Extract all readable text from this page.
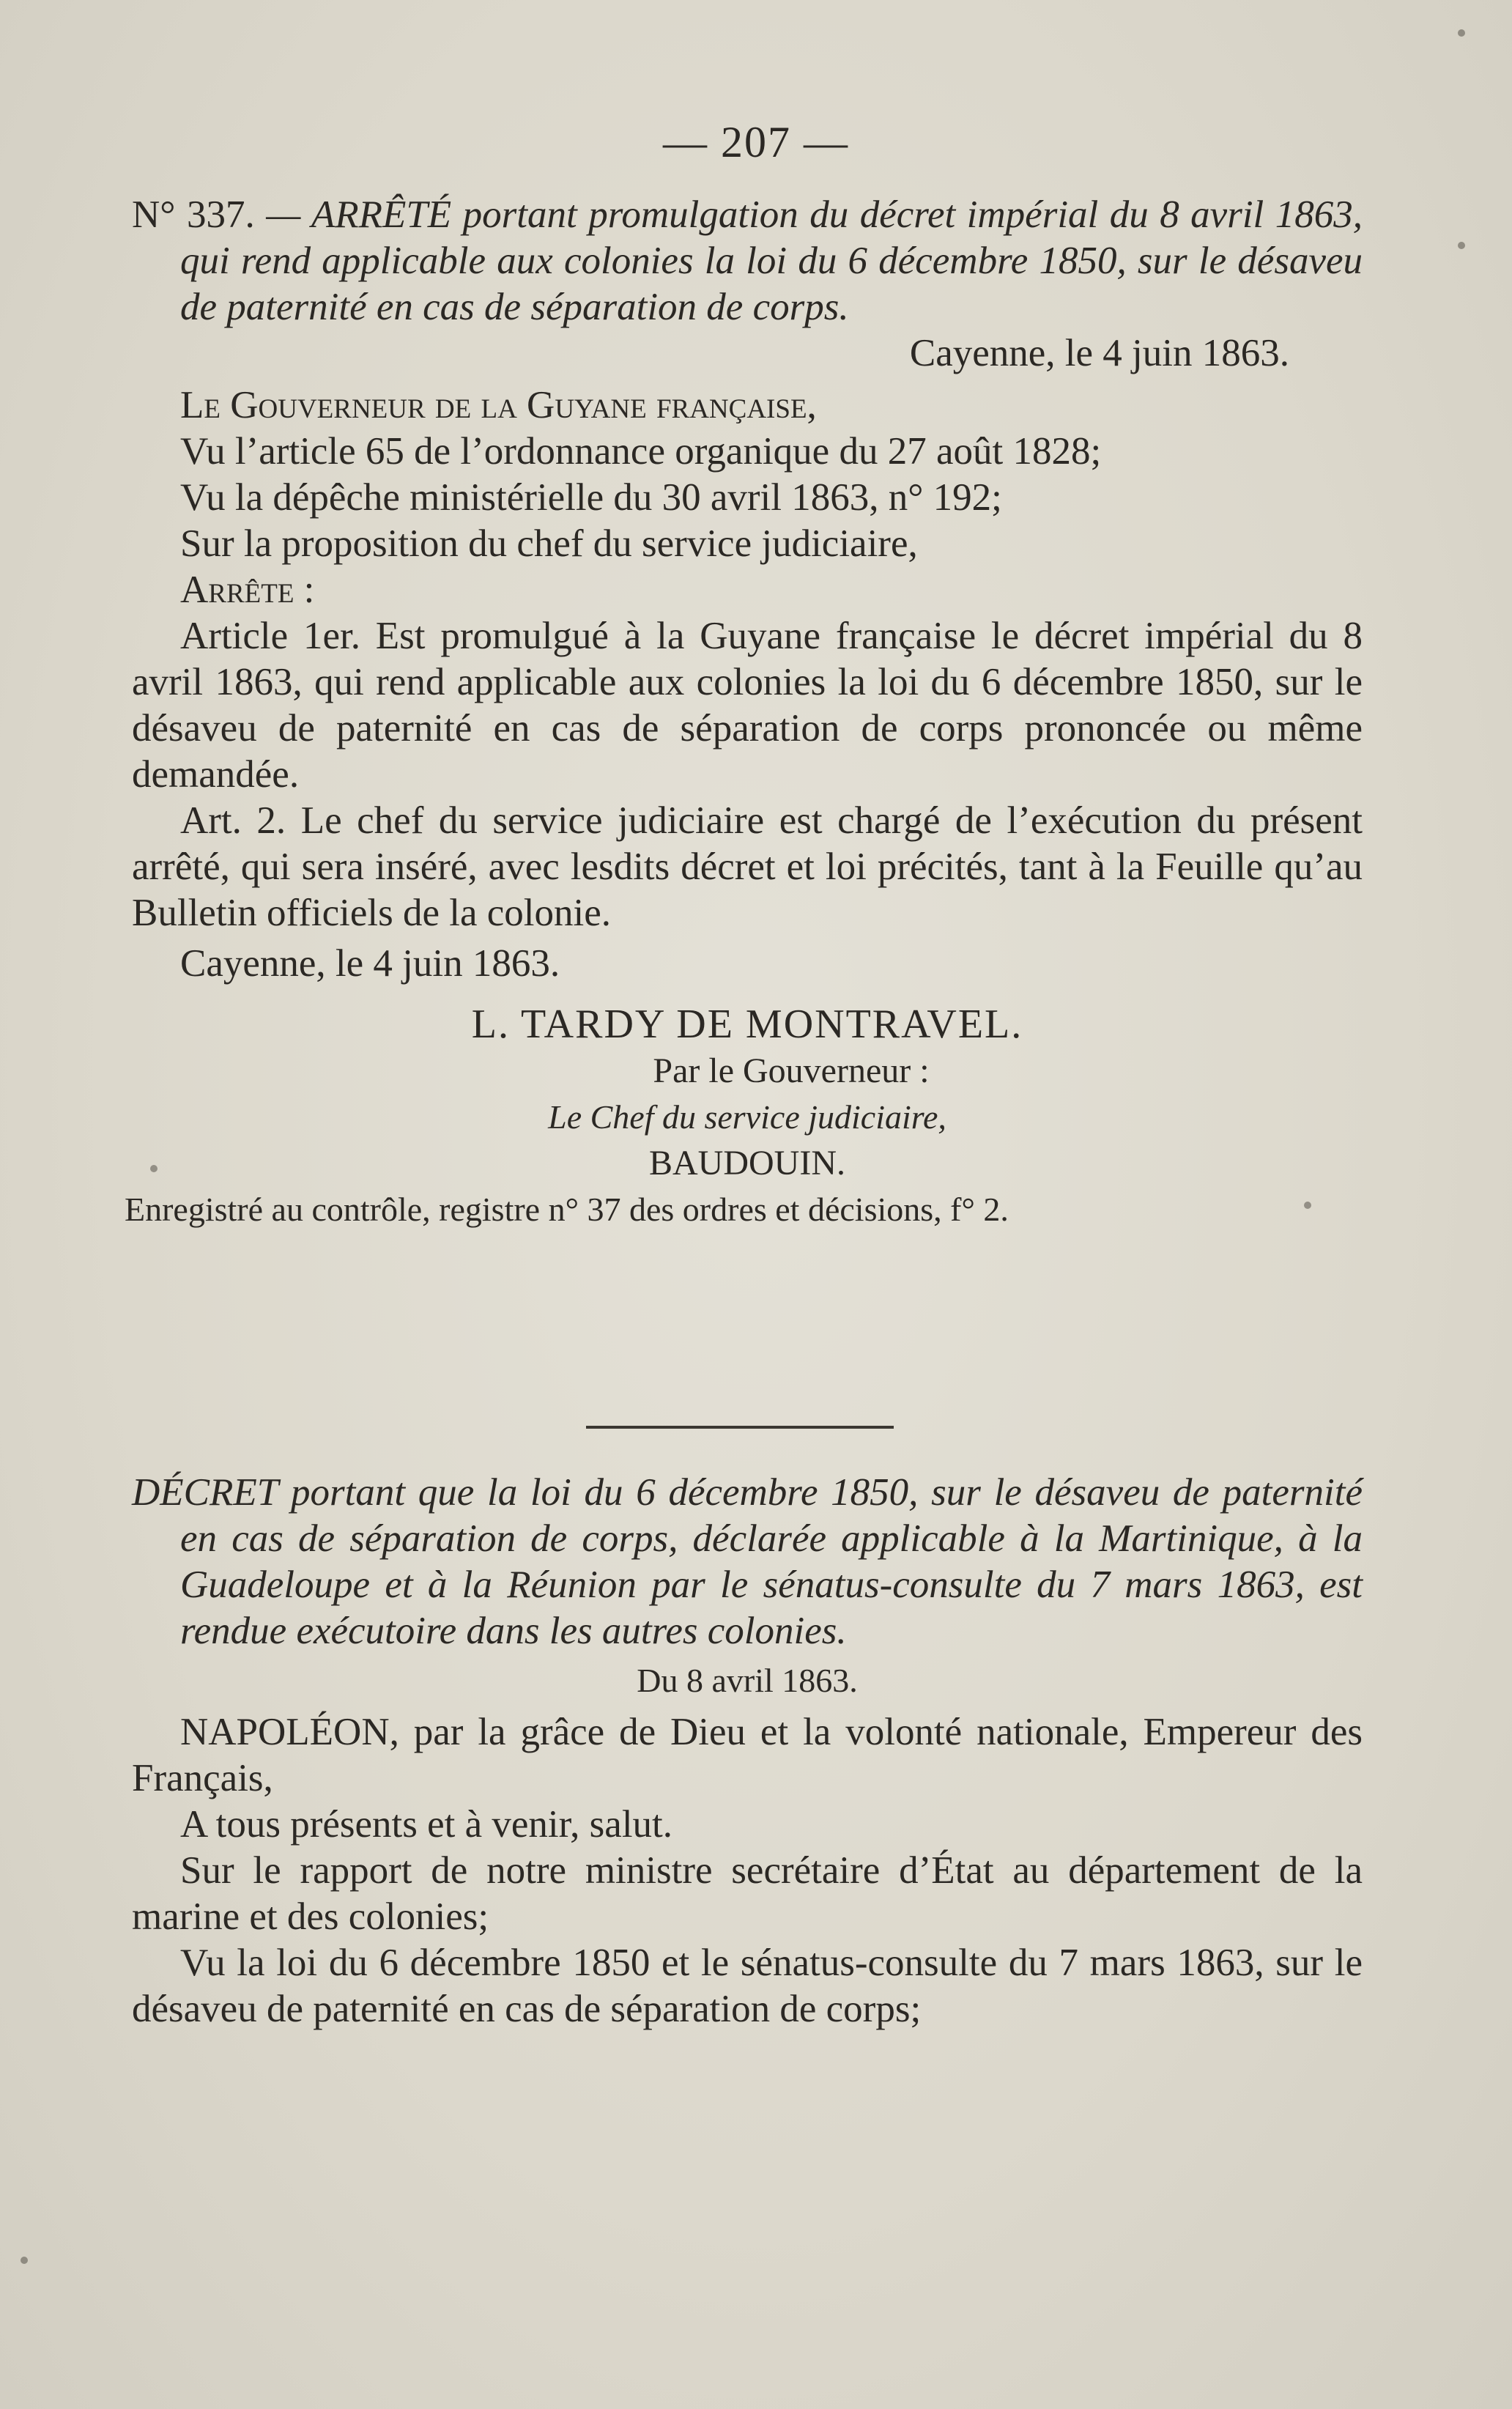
— 207 —

N° 337. — ARRÊTÉ portant promulgation du décret impérial du 8 avril 1863, qui rend applicable aux colonies la loi du 6 décembre 1850, sur le désaveu de paternité en cas de séparation de corps.

Cayenne, le 4 juin 1863.

Le Gouverneur de la Guyane française,

Vu l’article 65 de l’ordonnance organique du 27 août 1828;

Vu la dépêche ministérielle du 30 avril 1863, n° 192;

Sur la proposition du chef du service judiciaire,

Arrête :

Article 1er. Est promulgué à la Guyane française le décret impérial du 8 avril 1863, qui rend applicable aux colonies la loi du 6 décembre 1850, sur le désaveu de paternité en cas de séparation de corps prononcée ou même demandée.

Art. 2. Le chef du service judiciaire est chargé de l’exécution du présent arrêté, qui sera inséré, avec lesdits décret et loi précités, tant à la Feuille qu’au Bulletin officiels de la colonie.

Cayenne, le 4 juin 1863.

L. TARDY DE MONTRAVEL.

Par le Gouverneur :

Le Chef du service judiciaire,

BAUDOUIN.

Enregistré au contrôle, registre n° 37 des ordres et décisions, f° 2.

DÉCRET portant que la loi du 6 décembre 1850, sur le désaveu de paternité en cas de séparation de corps, déclarée applicable à la Martinique, à la Guadeloupe et à la Réunion par le sénatus-consulte du 7 mars 1863, est rendue exécutoire dans les autres colonies.

Du 8 avril 1863.

NAPOLÉON, par la grâce de Dieu et la volonté nationale, Empereur des Français,

A tous présents et à venir, salut.

Sur le rapport de notre ministre secrétaire d’État au département de la marine et des colonies;

Vu la loi du 6 décembre 1850 et le sénatus-consulte du 7 mars 1863, sur le désaveu de paternité en cas de séparation de corps;
